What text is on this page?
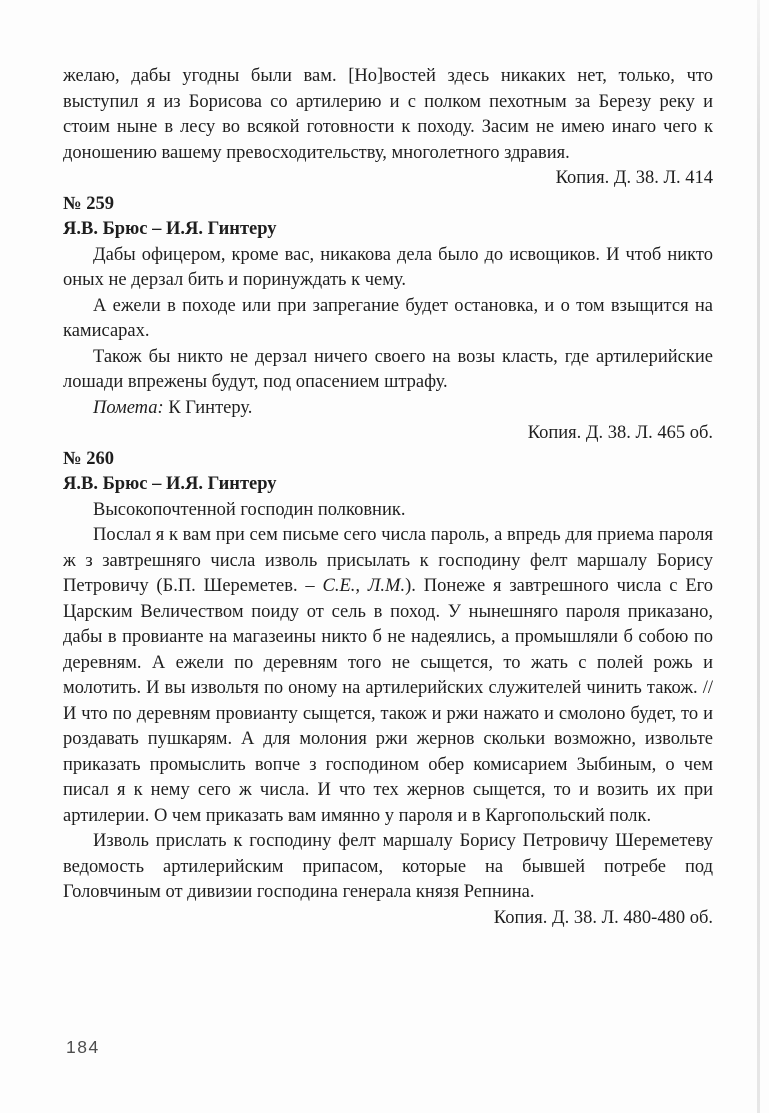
желаю, дабы угодны были вам. [Но]востей здесь никаких нет, только, что выступил я из Борисова со артилерию и с полком пехотным за Березу реку и стоим ныне в лесу во всякой готовности к походу. Засим не имею инаго чего к доношению вашему превосходительству, многолетного здравия.

Копия. Д. 38. Л. 414

№ 259
Я.В. Брюс – И.Я. Гинтеру

Дабы офицером, кроме вас, никакова дела было до исвощиков. И чтоб никто оных не дерзал бить и поринуждать к чему.

А ежели в походе или при запрегание будет остановка, и о том взыщится на камисарах.

Також бы никто не дерзал ничего своего на возы класть, где артилерийские лошади впрежены будут, под опасением штрафу.

Помета: К Гинтеру.

Копия. Д. 38. Л. 465 об.

№ 260
Я.В. Брюс – И.Я. Гинтеру

Высокопочтенной господин полковник.

Послал я к вам при сем письме сего числа пароль, а впредь для приема пароля ж з завтрешняго числа изволь присылать к господину фелт маршалу Борису Петровичу (Б.П. Шереметев. – С.Е., Л.М.). Понеже я завтрешного числа с Его Царским Величеством поиду от сель в поход. У нынешняго пароля приказано, дабы в провианте на магазеины никто б не надеялись, а промышляли б собою по деревням. А ежели по деревням того не сыщется, то жать с полей рожь и молотить. И вы извольтя по оному на артилерийских служителей чинить також. // И что по деревням провианту сыщется, також и ржи нажато и смолоно будет, то и роздавать пушкарям. А для молония ржи жернов скольки возможно, извольте приказать промыслить вопче з господином обер комисарием Зыбиным, о чем писал я к нему сего ж числа. И что тех жернов сыщется, то и возить их при артилерии. О чем приказать вам имянно у пароля и в Каргопольский полк.

Изволь прислать к господину фелт маршалу Борису Петровичу Шереметеву ведомость артилерийским припасом, которые на бывшей потребе под Головчиным от дивизии господина генерала князя Репнина.

Копия. Д. 38. Л. 480-480 об.

184
